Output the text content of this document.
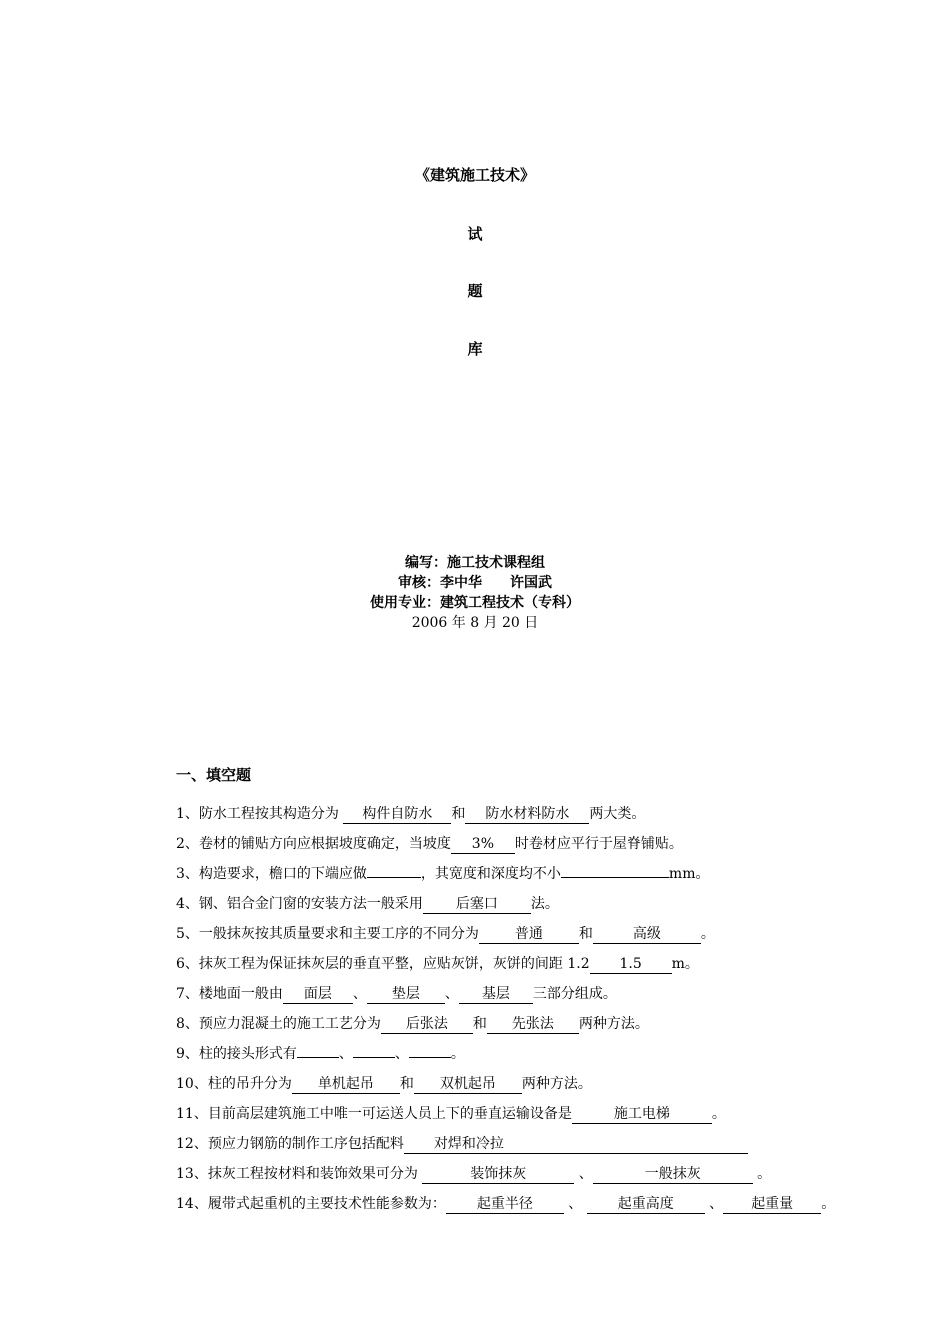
《建筑施工技术》
试
题
库
编写：施工技术课程组
审核：李中华 许国武
使用专业：建筑工程技术（专科）
2006 年 8 月 20 日
一、填空题
1、防水工程按其构造分为 构件自防水 和 防水材料防水 两大类。
2、卷材的铺贴方向应根据坡度确定，当坡度 3% 时卷材应平行于屋脊铺贴。
3、构造要求，檐口的下端应做	，其宽度和深度均不小	mm。
4、钢、铝合金门窗的安装方法一般采用 后塞口 法。
5、一般抹灰按其质量要求和主要工序的不同分为	普通	和	高级	。
6、抹灰工程为保证抹灰层的垂直平整，应贴灰饼，灰饼的间距 1.2 1.5 m。
7、楼地面一般由 面层 、 垫层 、 基层 三部分组成。
8、预应力混凝土的施工工艺分为 后张法 和 先张法 两种方法。
9、柱的接头形式有	、	、	。
10、柱的吊升分为 单机起吊 和 双机起吊 两种方法。
11、目前高层建筑施工中唯一可运送人员上下的垂直运输设备是	施工电梯	。
12、预应力钢筋的制作工序包括配料 对焊和冷拉
13、抹灰工程按材料和装饰效果可分为	装饰抹灰	、	一般抹灰	。
14、履带式起重机的主要技术性能参数为： 起重半径 、 起重高度 、 起重量 。
